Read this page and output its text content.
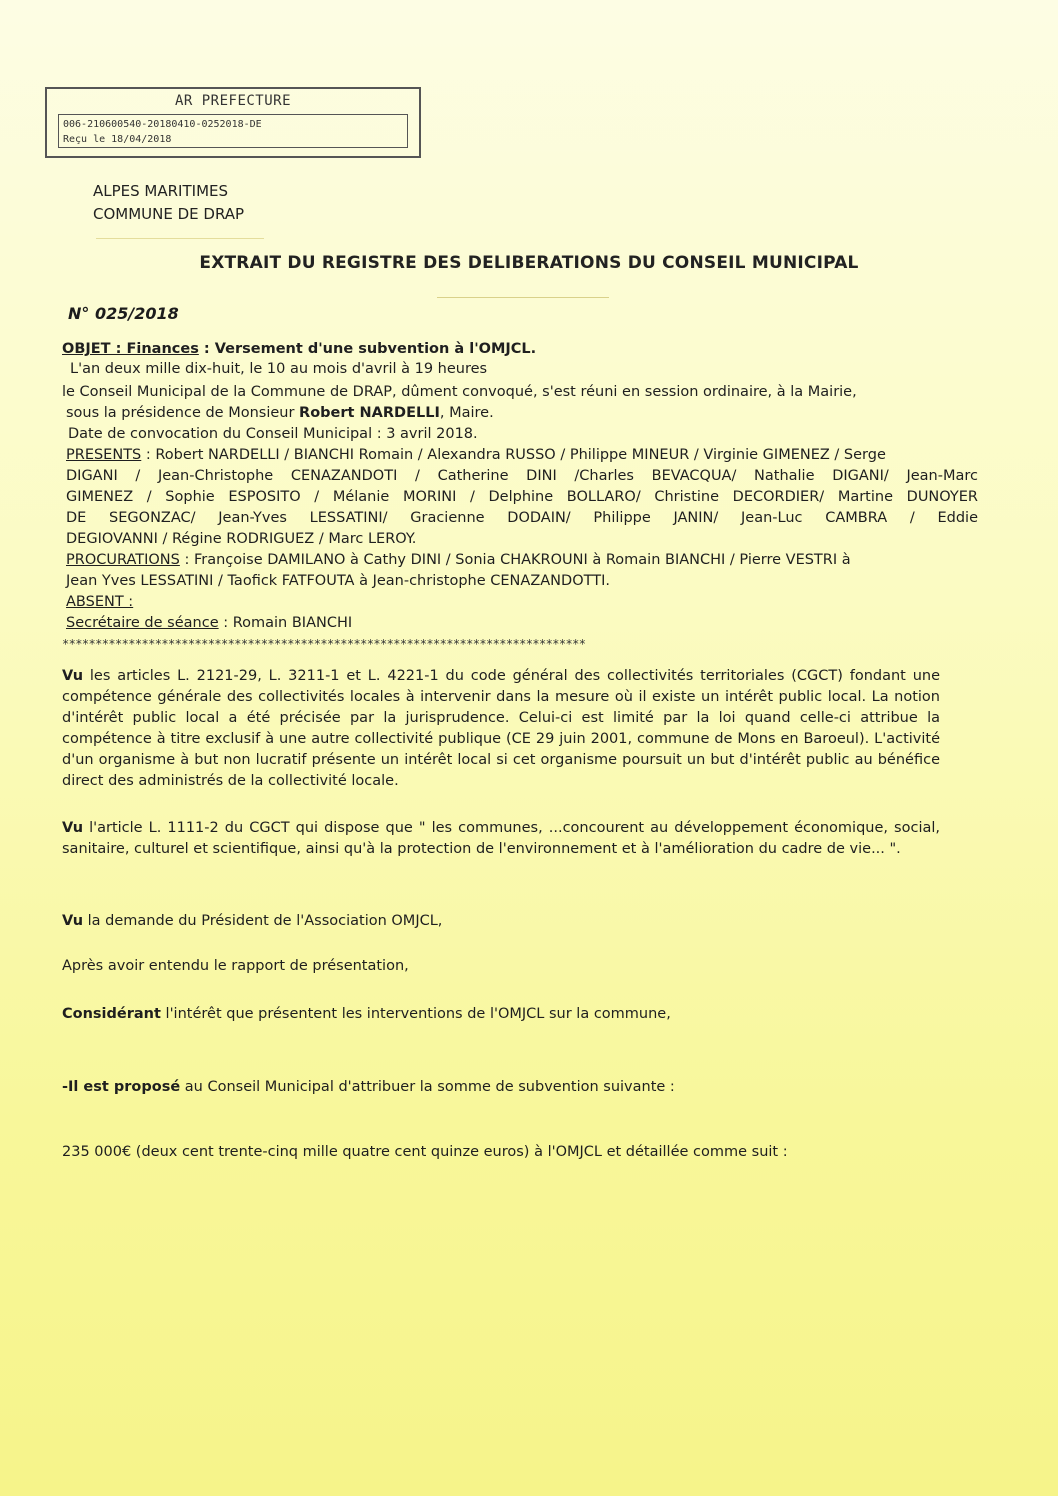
AR PREFECTURE
006-210600540-20180410-0252018-DE
Reçu le 18/04/2018
ALPES MARITIMES
COMMUNE DE DRAP
EXTRAIT DU REGISTRE DES DELIBERATIONS DU CONSEIL MUNICIPAL
N° 025/2018
OBJET : Finances : Versement d'une subvention à l'OMJCL.
L'an deux mille dix-huit, le 10 au mois d'avril à 19 heures
le Conseil Municipal de la Commune de DRAP, dûment convoqué, s'est réuni en session ordinaire, à la Mairie,
sous la présidence de Monsieur Robert NARDELLI, Maire.
Date de convocation du Conseil Municipal : 3 avril 2018.
PRESENTS : Robert NARDELLI / BIANCHI Romain / Alexandra RUSSO / Philippe MINEUR / Virginie GIMENEZ / Serge
DIGANI / Jean-Christophe CENAZANDOTI / Catherine DINI /Charles BEVACQUA/ Nathalie DIGANI/ Jean-Marc
GIMENEZ / Sophie ESPOSITO / Mélanie MORINI / Delphine BOLLARO/ Christine DECORDIER/ Martine DUNOYER
DE SEGONZAC/ Jean-Yves LESSATINI/ Gracienne DODAIN/ Philippe JANIN/ Jean-Luc CAMBRA / Eddie
DEGIOVANNI / Régine RODRIGUEZ / Marc LEROY.
PROCURATIONS : Françoise DAMILANO à Cathy DINI / Sonia CHAKROUNI à Romain BIANCHI / Pierre VESTRI à
Jean Yves LESSATINI / Taofick FATFOUTA à Jean-christophe CENAZANDOTTI.
ABSENT :
Secrétaire de séance : Romain BIANCHI
*******************************************************************************
Vu les articles L. 2121-29, L. 3211-1 et L. 4221-1 du code général des collectivités territoriales (CGCT) fondant une compétence générale des collectivités locales à intervenir dans la mesure où il existe un intérêt public local. La notion d'intérêt public local a été précisée par la jurisprudence. Celui-ci est limité par la loi quand celle-ci attribue la compétence à titre exclusif à une autre collectivité publique (CE 29 juin 2001, commune de Mons en Baroeul). L'activité d'un organisme à but non lucratif présente un intérêt local si cet organisme poursuit un but d'intérêt public au bénéfice direct des administrés de la collectivité locale.
Vu l'article L. 1111-2 du CGCT qui dispose que " les communes, ...concourent au développement économique, social, sanitaire, culturel et scientifique, ainsi qu'à la protection de l'environnement et à l'amélioration du cadre de vie... ".
Vu la demande du Président de l'Association OMJCL,
Après avoir entendu le rapport de présentation,
Considérant l'intérêt que présentent les interventions de l'OMJCL sur la commune,
-Il est proposé au Conseil Municipal d'attribuer la somme de subvention suivante :
235 000€ (deux cent trente-cinq mille quatre cent quinze euros) à l'OMJCL et détaillée comme suit :
